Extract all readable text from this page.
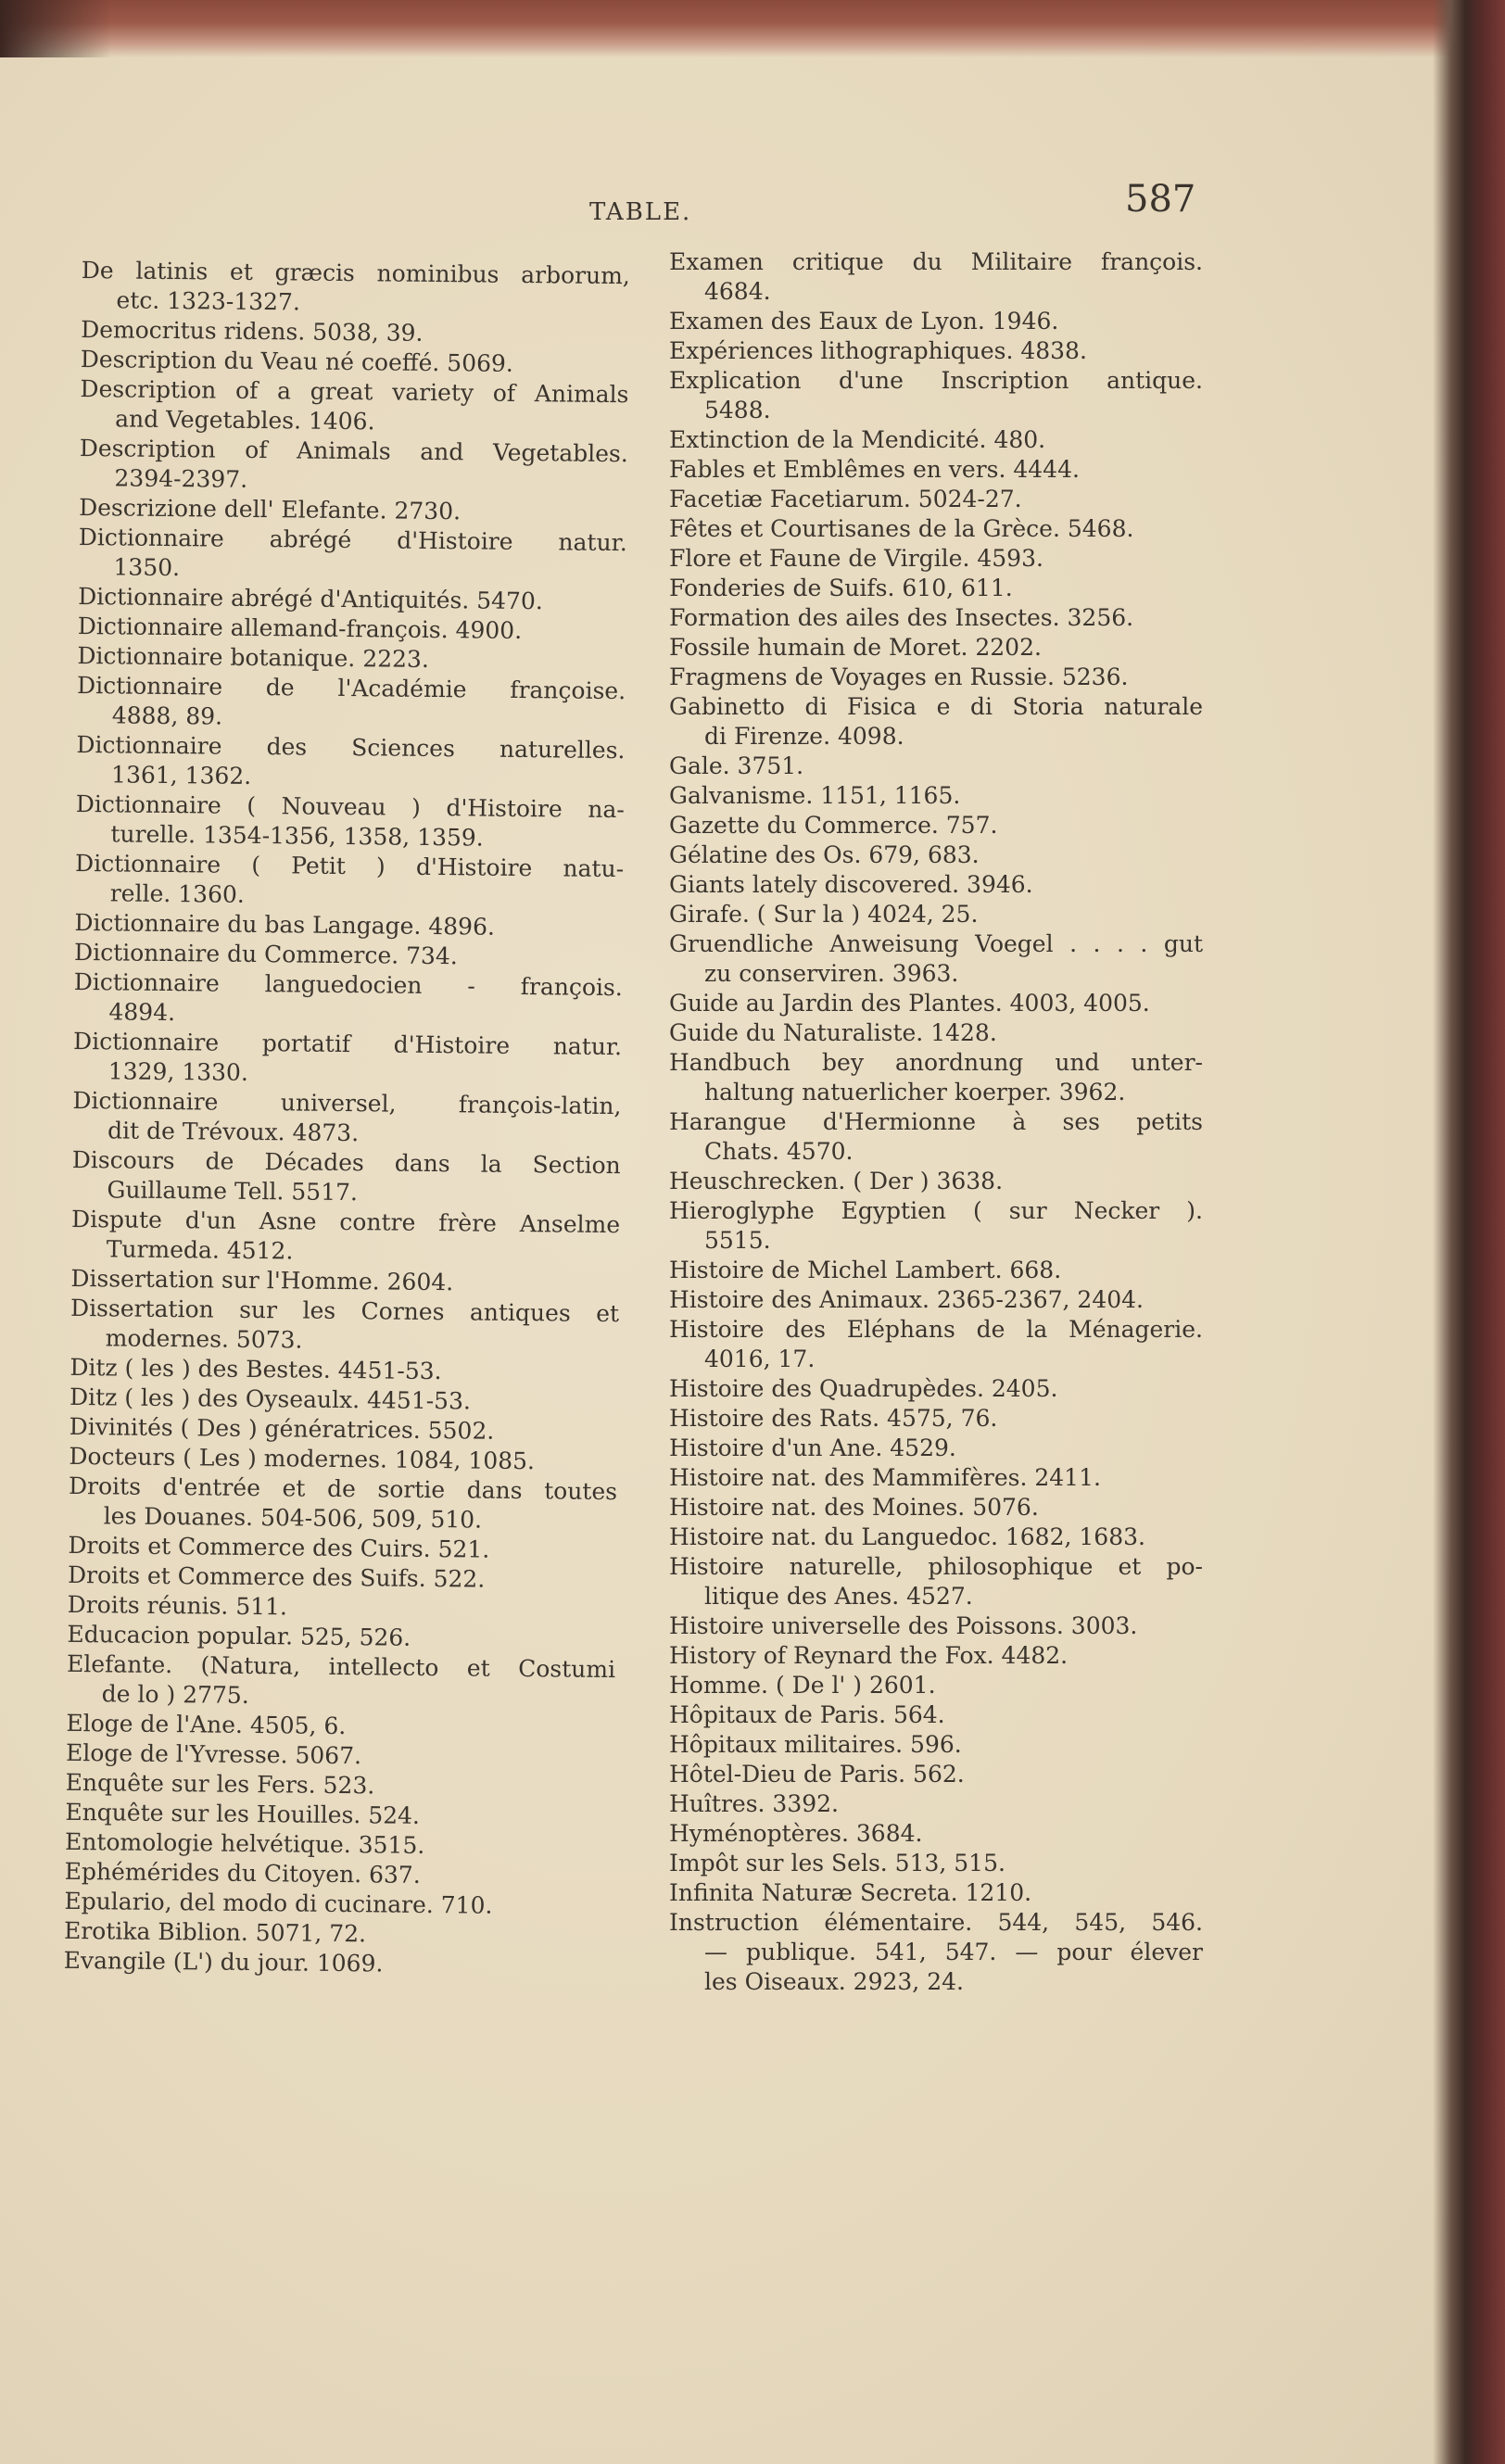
TABLE.	587
De latinis et græcis nominibus arborum,
etc. 1323-1327.
Democritus ridens. 5038, 39.
Description du Veau né coeffé. 5069.
Description of a great variety of Animals
and Vegetables. 1406.
Description of Animals and Vegetables.
2394-2397.
Descrizione dell' Elefante. 2730.
Dictionnaire abrégé d'Histoire natur.
1350.
Dictionnaire abrégé d'Antiquités. 5470.
Dictionnaire allemand-françois. 4900.
Dictionnaire botanique. 2223.
Dictionnaire de l'Académie françoise.
4888, 89.
Dictionnaire des Sciences naturelles.
1361, 1362.
Dictionnaire ( Nouveau ) d'Histoire na-
turelle. 1354-1356, 1358, 1359.
Dictionnaire ( Petit ) d'Histoire natu-
relle. 1360.
Dictionnaire du bas Langage. 4896.
Dictionnaire du Commerce. 734.
Dictionnaire languedocien - françois.
4894.
Dictionnaire portatif d'Histoire natur.
1329, 1330.
Dictionnaire universel, françois-latin,
dit de Trévoux. 4873.
Discours de Décades dans la Section
Guillaume Tell. 5517.
Dispute d'un Asne contre frère Anselme
Turmeda. 4512.
Dissertation sur l'Homme. 2604.
Dissertation sur les Cornes antiques et
modernes. 5073.
Ditz ( les ) des Bestes. 4451-53.
Ditz ( les ) des Oyseaulx. 4451-53.
Divinités ( Des ) génératrices. 5502.
Docteurs ( Les ) modernes. 1084, 1085.
Droits d'entrée et de sortie dans toutes
les Douanes. 504-506, 509, 510.
Droits et Commerce des Cuirs. 521.
Droits et Commerce des Suifs. 522.
Droits réunis. 511.
Educacion popular. 525, 526.
Elefante. (Natura, intellecto et Costumi
de lo ) 2775.
Eloge de l'Ane. 4505, 6.
Eloge de l'Yvresse. 5067.
Enquête sur les Fers. 523.
Enquête sur les Houilles. 524.
Entomologie helvétique. 3515.
Ephémérides du Citoyen. 637.
Epulario, del modo di cucinare. 710.
Erotika Biblion. 5071, 72.
Evangile (L') du jour. 1069.
Examen critique du Militaire françois.
4684.
Examen des Eaux de Lyon. 1946.
Expériences lithographiques. 4838.
Explication d'une Inscription antique.
5488.
Extinction de la Mendicité. 480.
Fables et Emblêmes en vers. 4444.
Facetiæ Facetiarum. 5024-27.
Fêtes et Courtisanes de la Grèce. 5468.
Flore et Faune de Virgile. 4593.
Fonderies de Suifs. 610, 611.
Formation des ailes des Insectes. 3256.
Fossile humain de Moret. 2202.
Fragmens de Voyages en Russie. 5236.
Gabinetto di Fisica e di Storia naturale
di Firenze. 4098.
Gale. 3751.
Galvanisme. 1151, 1165.
Gazette du Commerce. 757.
Gélatine des Os. 679, 683.
Giants lately discovered. 3946.
Girafe. ( Sur la ) 4024, 25.
Gruendliche Anweisung Voegel . . . . gut
zu conserviren. 3963.
Guide au Jardin des Plantes. 4003, 4005.
Guide du Naturaliste. 1428.
Handbuch bey anordnung und unter-
haltung natuerlicher koerper. 3962.
Harangue d'Hermionne à ses petits
Chats. 4570.
Heuschrecken. ( Der ) 3638.
Hieroglyphe Egyptien ( sur Necker ).
5515.
Histoire de Michel Lambert. 668.
Histoire des Animaux. 2365-2367, 2404.
Histoire des Eléphans de la Ménagerie.
4016, 17.
Histoire des Quadrupèdes. 2405.
Histoire des Rats. 4575, 76.
Histoire d'un Ane. 4529.
Histoire nat. des Mammifères. 2411.
Histoire nat. des Moines. 5076.
Histoire nat. du Languedoc. 1682, 1683.
Histoire naturelle, philosophique et po-
litique des Anes. 4527.
Histoire universelle des Poissons. 3003.
History of Reynard the Fox. 4482.
Homme. ( De l' ) 2601.
Hôpitaux de Paris. 564.
Hôpitaux militaires. 596.
Hôtel-Dieu de Paris. 562.
Huîtres. 3392.
Hyménoptères. 3684.
Impôt sur les Sels. 513, 515.
Infinita Naturæ Secreta. 1210.
Instruction élémentaire. 544, 545, 546.
— publique. 541, 547. — pour élever
les Oiseaux. 2923, 24.
